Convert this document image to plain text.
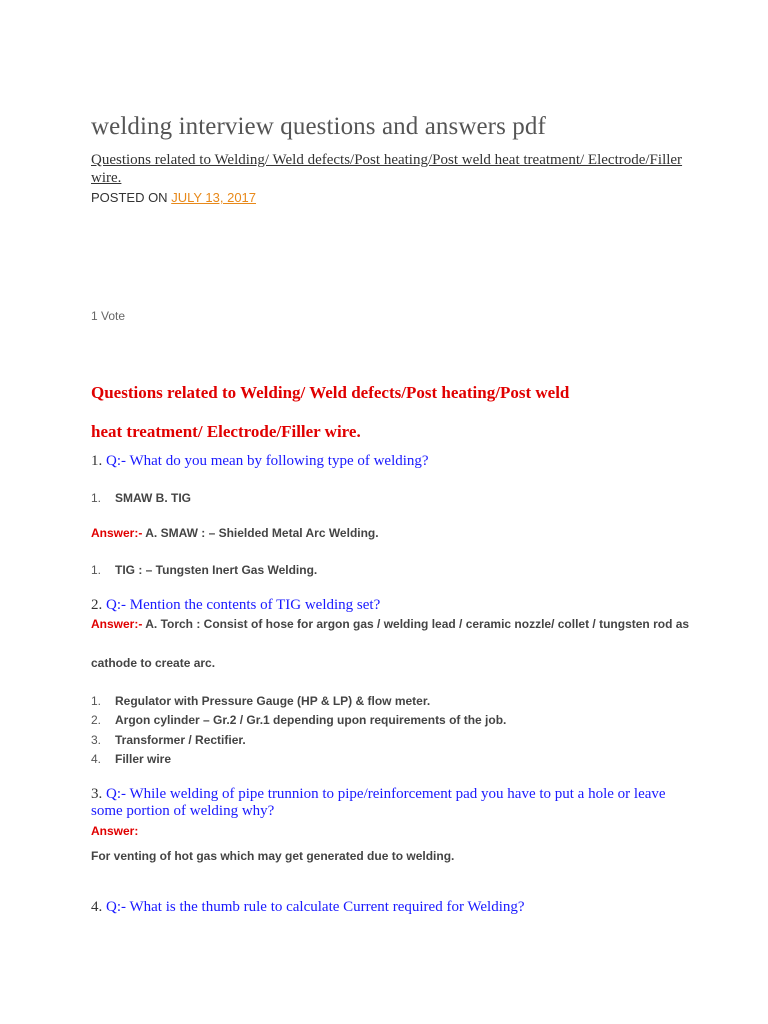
welding interview questions and answers pdf
Questions related to Welding/ Weld defects/Post heating/Post weld heat treatment/ Electrode/Filler wire.
POSTED ON JULY 13, 2017
1 Vote
Questions related to Welding/ Weld defects/Post heating/Post weld
heat treatment/ Electrode/Filler wire.
1. Q:- What do you mean by following type of welding?
1. SMAW B. TIG
Answer:- A. SMAW : – Shielded Metal Arc Welding.
1. TIG : – Tungsten Inert Gas Welding.
2. Q:- Mention the contents of TIG welding set?
Answer:- A. Torch : Consist of hose for argon gas / welding lead / ceramic nozzle/ collet / tungsten rod as
cathode to create arc.
1. Regulator with Pressure Gauge (HP & LP) & flow meter.
2. Argon cylinder – Gr.2 / Gr.1 depending upon requirements of the job.
3. Transformer / Rectifier.
4. Filler wire
3. Q:- While welding of pipe trunnion to pipe/reinforcement pad you have to put a hole or leave some portion of welding why?
Answer:
For venting of hot gas which may get generated due to welding.
4. Q:- What is the thumb rule to calculate Current required for Welding?
